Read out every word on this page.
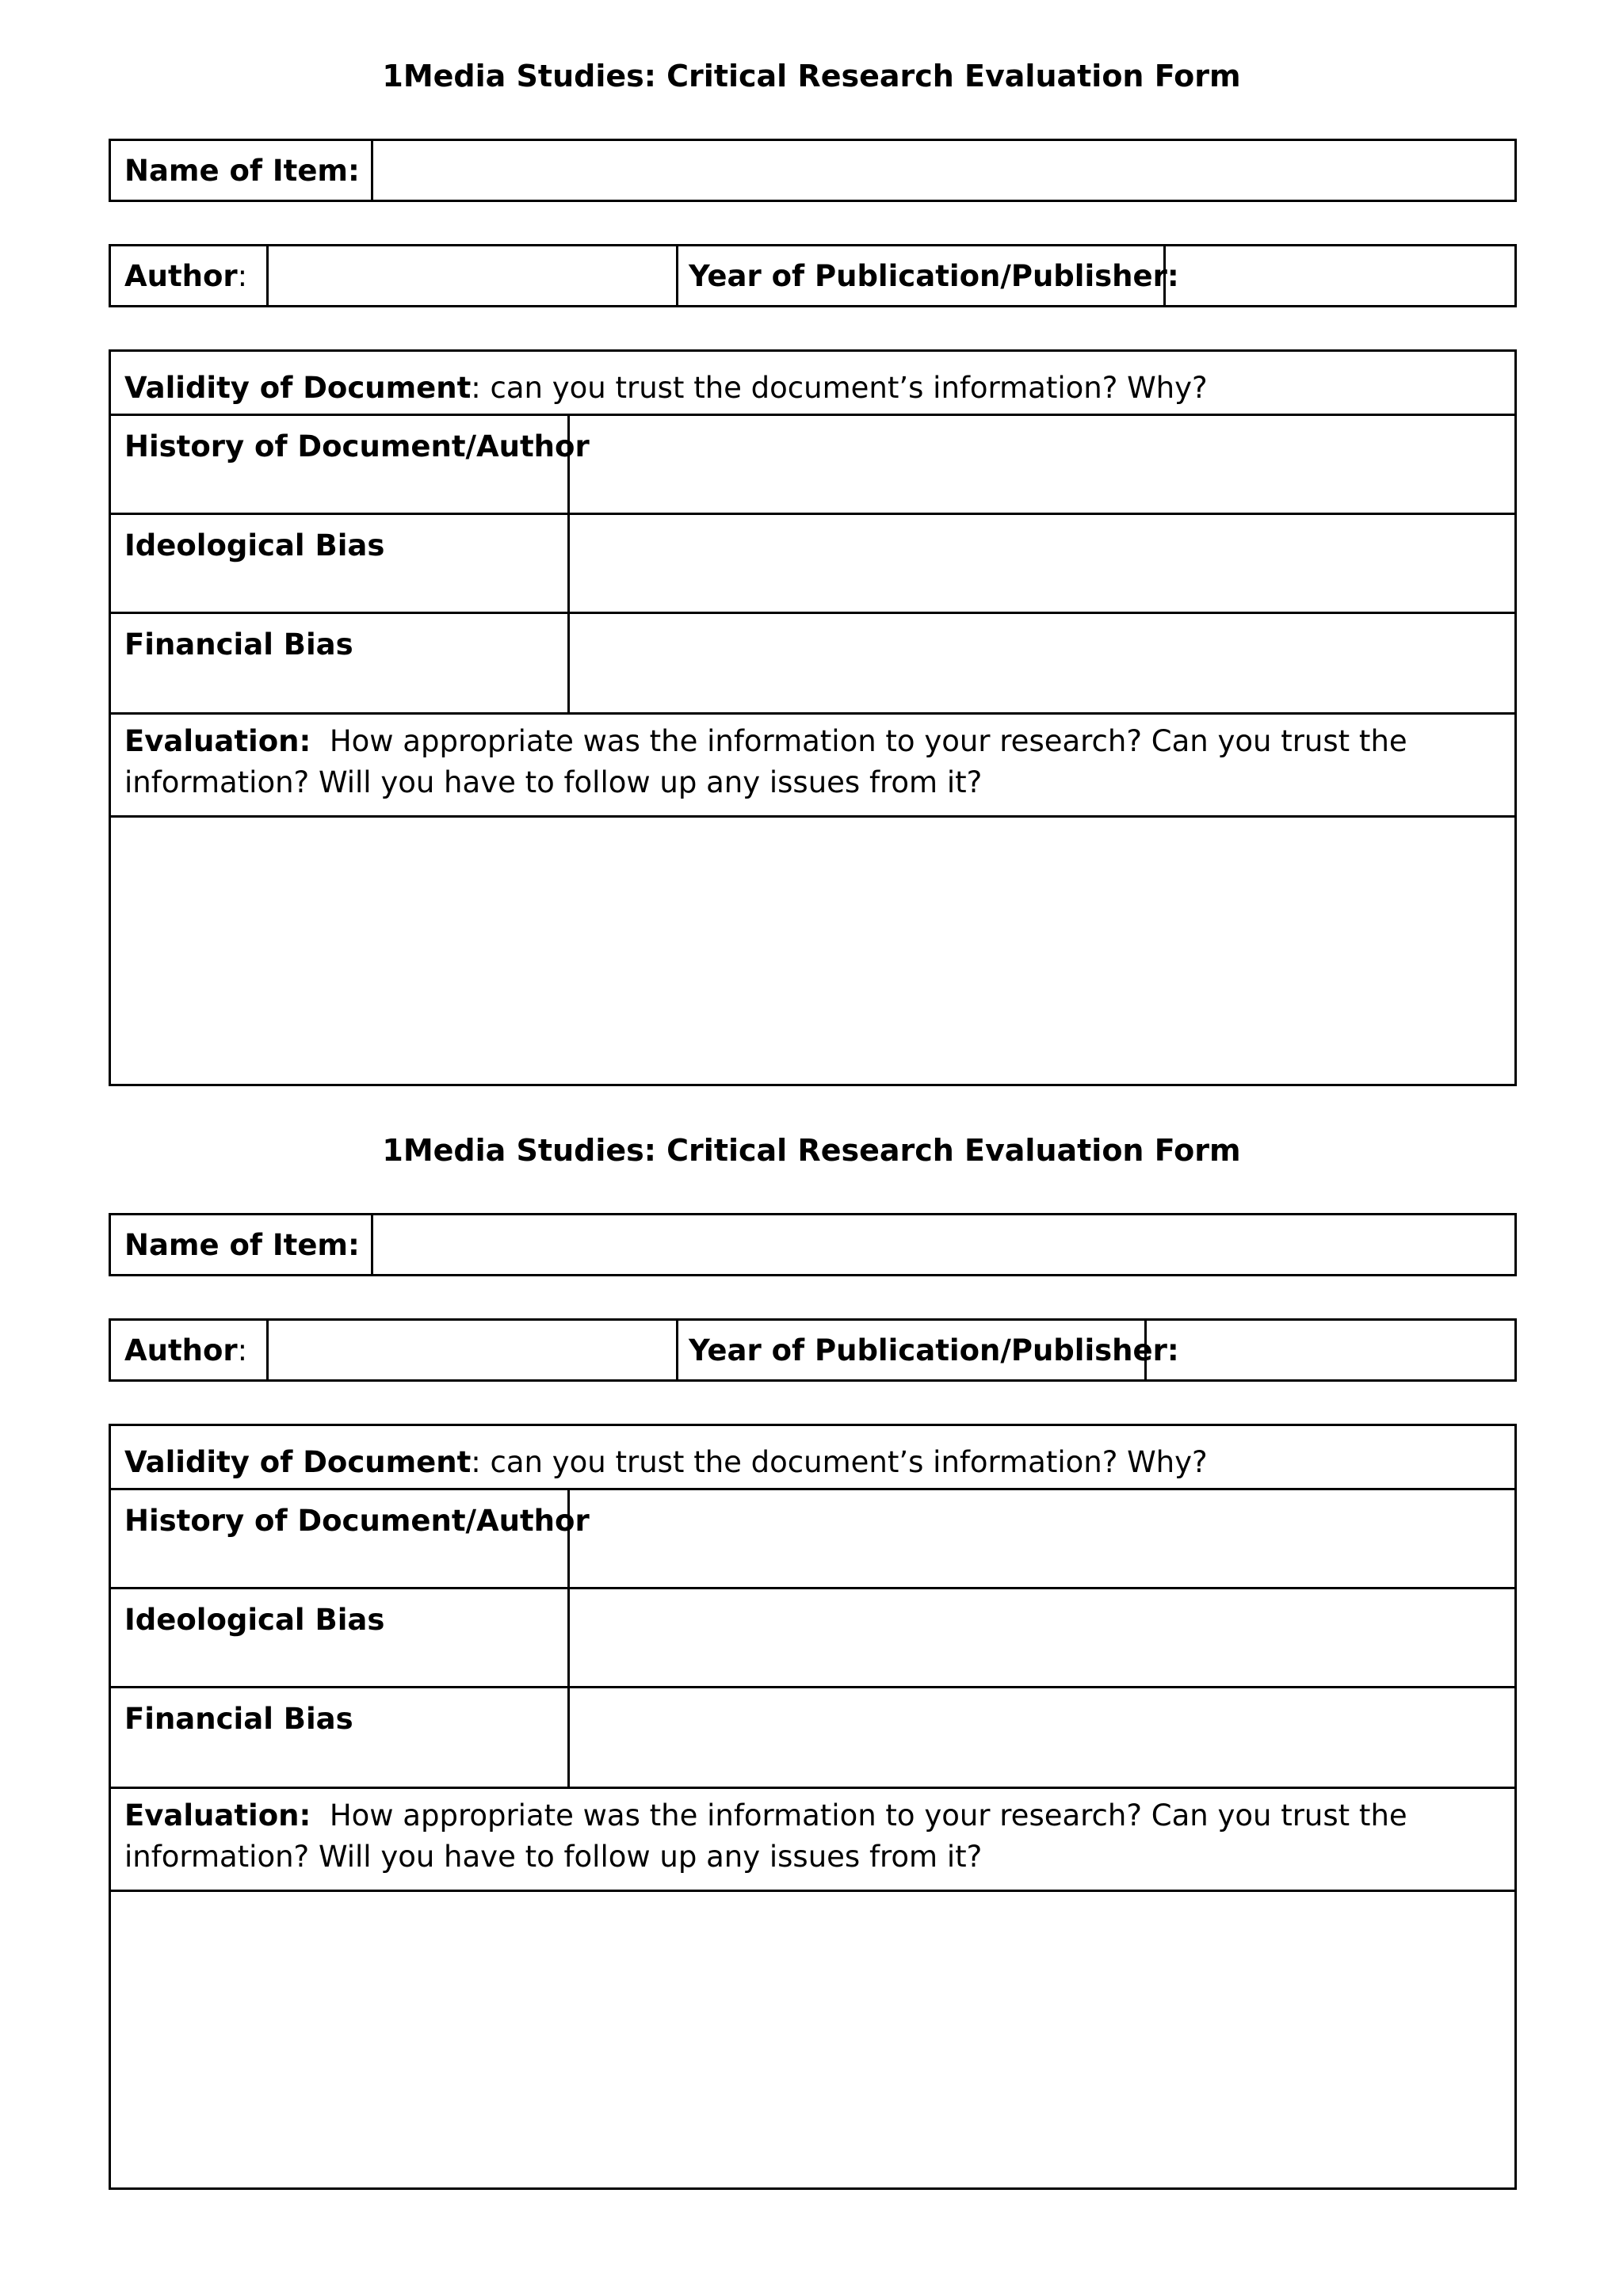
1Media Studies: Critical Research Evaluation Form
Name of Item:
Author:	Year of Publication/Publisher:
Validity of Document: can you trust the document’s information? Why?
History of Document/Author
Ideological Bias
Financial Bias
Evaluation: How appropriate was the information to your research? Can you trust the information? Will you have to follow up any issues from it?
1Media Studies: Critical Research Evaluation Form
Name of Item:
Author:	Year of Publication/Publisher:
Validity of Document: can you trust the document’s information? Why?
History of Document/Author
Ideological Bias
Financial Bias
Evaluation: How appropriate was the information to your research? Can you trust the information? Will you have to follow up any issues from it?
